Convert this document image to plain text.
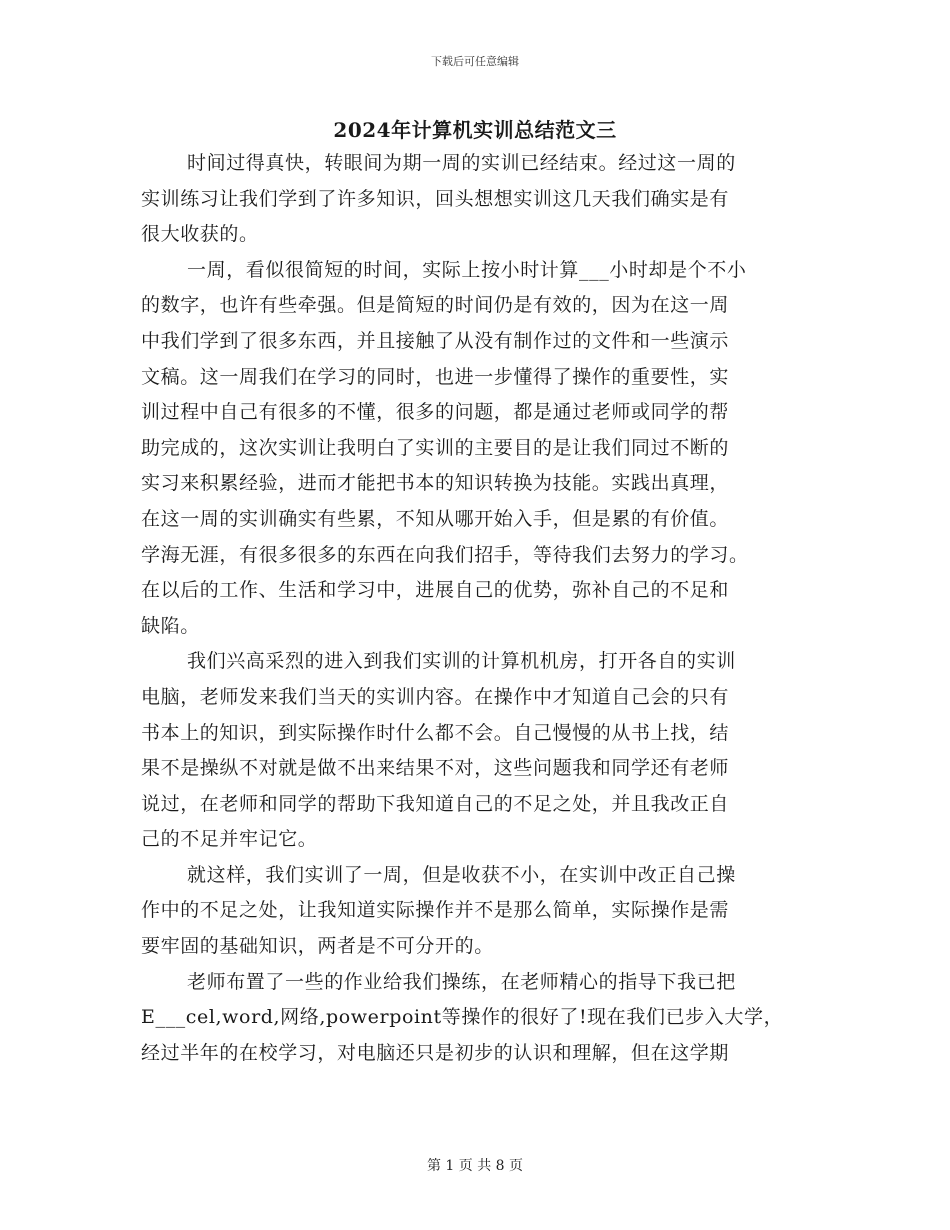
下载后可任意编辑
2024年计算机实训总结范文三
时间过得真快，转眼间为期一周的实训已经结束。经过这一周的
实训练习让我们学到了许多知识，回头想想实训这几天我们确实是有
很大收获的。
一周，看似很简短的时间，实际上按小时计算___小时却是个不小
的数字，也许有些牵强。但是简短的时间仍是有效的，因为在这一周
中我们学到了很多东西，并且接触了从没有制作过的文件和一些演示
文稿。这一周我们在学习的同时，也进一步懂得了操作的重要性，实
训过程中自己有很多的不懂，很多的问题，都是通过老师或同学的帮
助完成的，这次实训让我明白了实训的主要目的是让我们同过不断的
实习来积累经验，进而才能把书本的知识转换为技能。实践出真理，
在这一周的实训确实有些累，不知从哪开始入手，但是累的有价值。
学海无涯，有很多很多的东西在向我们招手，等待我们去努力的学习。
在以后的工作、生活和学习中，进展自己的优势，弥补自己的不足和
缺陷。
我们兴高采烈的进入到我们实训的计算机机房，打开各自的实训
电脑，老师发来我们当天的实训内容。在操作中才知道自己会的只有
书本上的知识，到实际操作时什么都不会。自己慢慢的从书上找，结
果不是操纵不对就是做不出来结果不对，这些问题我和同学还有老师
说过，在老师和同学的帮助下我知道自己的不足之处，并且我改正自
己的不足并牢记它。
就这样，我们实训了一周，但是收获不小，在实训中改正自己操
作中的不足之处，让我知道实际操作并不是那么简单，实际操作是需
要牢固的基础知识，两者是不可分开的。
老师布置了一些的作业给我们操练，在老师精心的指导下我已把
E___cel,word,网络,powerpoint等操作的很好了!现在我们已步入大学，
经过半年的在校学习，对电脑还只是初步的认识和理解，但在这学期
第 1 页 共 8 页
